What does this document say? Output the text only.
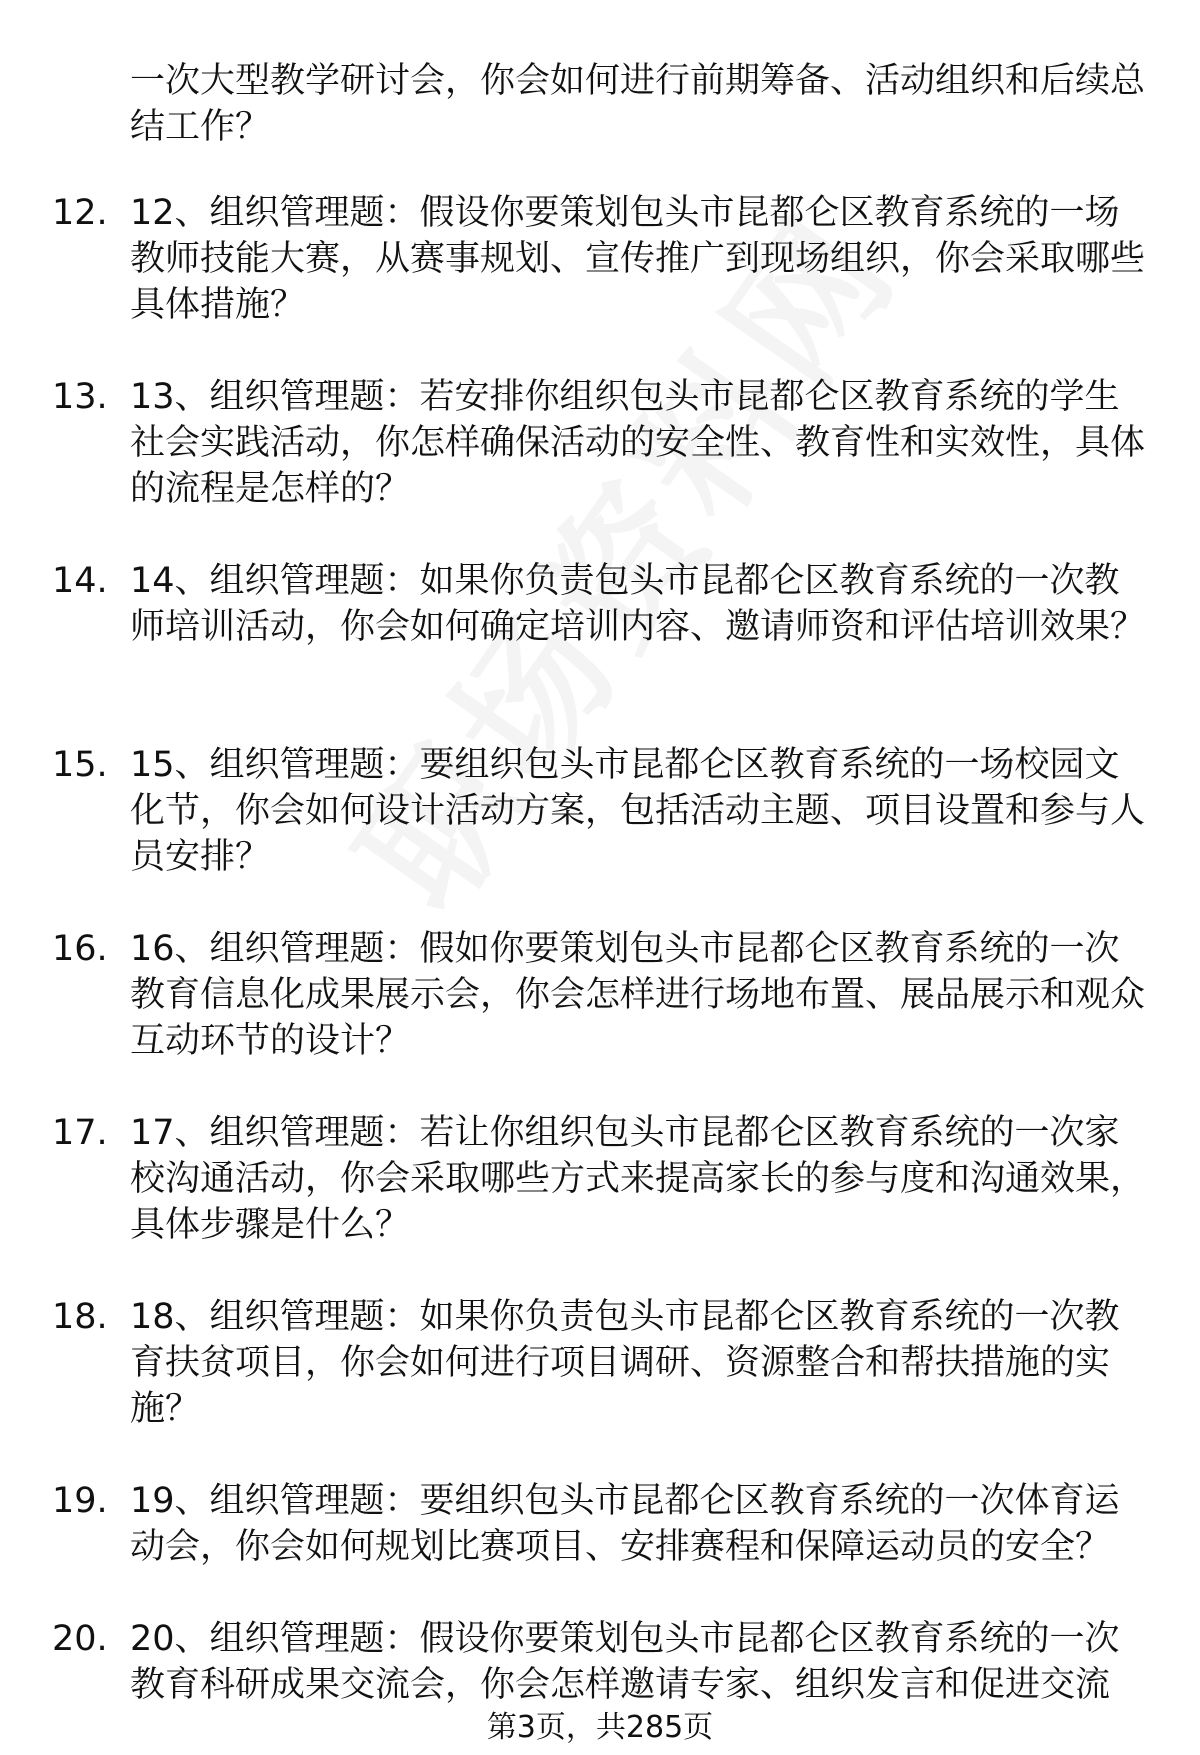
一次大型教学研讨会，你会如何进行前期筹备、活动组织和后续总结工作？
12. 12、组织管理题：假设你要策划包头市昆都仑区教育系统的一场教师技能大赛，从赛事规划、宣传推广到现场组织，你会采取哪些具体措施？
13. 13、组织管理题：若安排你组织包头市昆都仑区教育系统的学生社会实践活动，你怎样确保活动的安全性、教育性和实效性，具体的流程是怎样的？
14. 14、组织管理题：如果你负责包头市昆都仑区教育系统的一次教师培训活动，你会如何确定培训内容、邀请师资和评估培训效果？
15. 15、组织管理题：要组织包头市昆都仑区教育系统的一场校园文化节，你会如何设计活动方案，包括活动主题、项目设置和参与人员安排？
16. 16、组织管理题：假如你要策划包头市昆都仑区教育系统的一次教育信息化成果展示会，你会怎样进行场地布置、展品展示和观众互动环节的设计？
17. 17、组织管理题：若让你组织包头市昆都仑区教育系统的一次家校沟通活动，你会采取哪些方式来提高家长的参与度和沟通效果，具体步骤是什么？
18. 18、组织管理题：如果你负责包头市昆都仑区教育系统的一次教育扶贫项目，你会如何进行项目调研、资源整合和帮扶措施的实施？
19. 19、组织管理题：要组织包头市昆都仑区教育系统的一次体育运动会，你会如何规划比赛项目、安排赛程和保障运动员的安全？
20. 20、组织管理题：假设你要策划包头市昆都仑区教育系统的一次教育科研成果交流会，你会怎样邀请专家、组织发言和促进交流
第3页，共285页
